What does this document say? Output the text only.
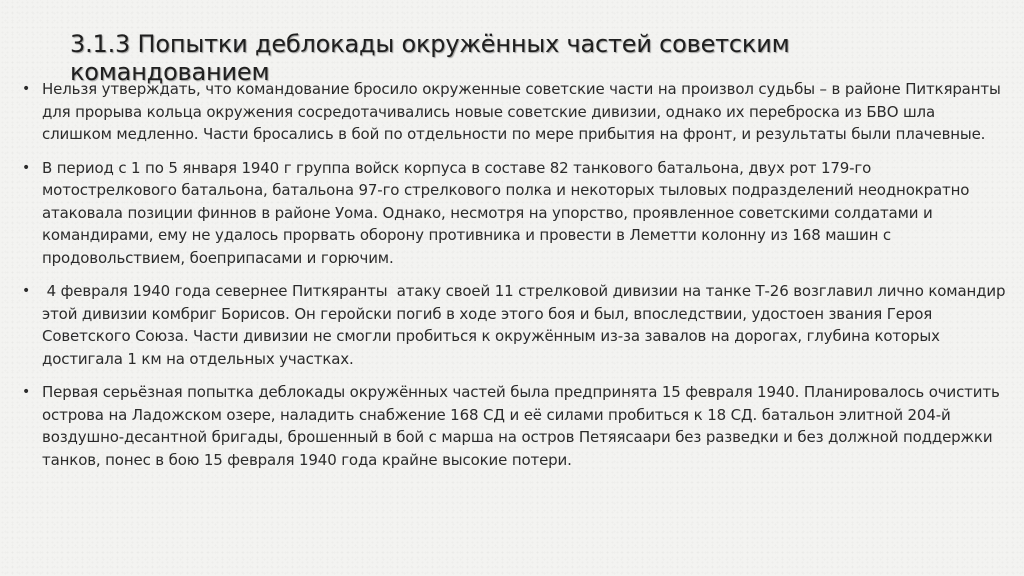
3.1.3 Попытки деблокады окружённых частей советским командованием
• Нельзя утверждать, что командование бросило окруженные советские части на произвол судьбы – в районе Питкяранты для прорыва кольца окружения сосредотачивались новые советские дивизии, однако их переброска из БВО шла слишком медленно. Части бросались в бой по отдельности по мере прибытия на фронт, и результаты были плачевные.
• В период с 1 по 5 января 1940 г группа войск корпуса в составе 82 танкового батальона, двух рот 179-го мотострелкового батальона, батальона 97-го стрелкового полка и некоторых тыловых подразделений неоднократно атаковала позиции финнов в районе Уома. Однако, несмотря на упорство, проявленное советскими солдатами и командирами, ему не удалось прорвать оборону противника и провести в Леметти колонну из 168 машин с продовольствием, боеприпасами и горючим.
• 4 февраля 1940 года севернее Питкяранты  атаку своей 11 стрелковой дивизии на танке Т-26 возглавил лично командир этой дивизии комбриг Борисов. Он геройски погиб в ходе этого боя и был, впоследствии, удостоен звания Героя Советского Союза. Части дивизии не смогли пробиться к окружённым из-за завалов на дорогах, глубина которых достигала 1 км на отдельных участках.
• Первая серьёзная попытка деблокады окружённых частей была предпринята 15 февраля 1940. Планировалось очистить острова на Ладожском озере, наладить снабжение 168 СД и её силами пробиться к 18 СД. батальон элитной 204-й воздушно-десантной бригады, брошенный в бой с марша на остров Петяясаари без разведки и без должной поддержки танков, понес в бою 15 февраля 1940 года крайне высокие потери.
